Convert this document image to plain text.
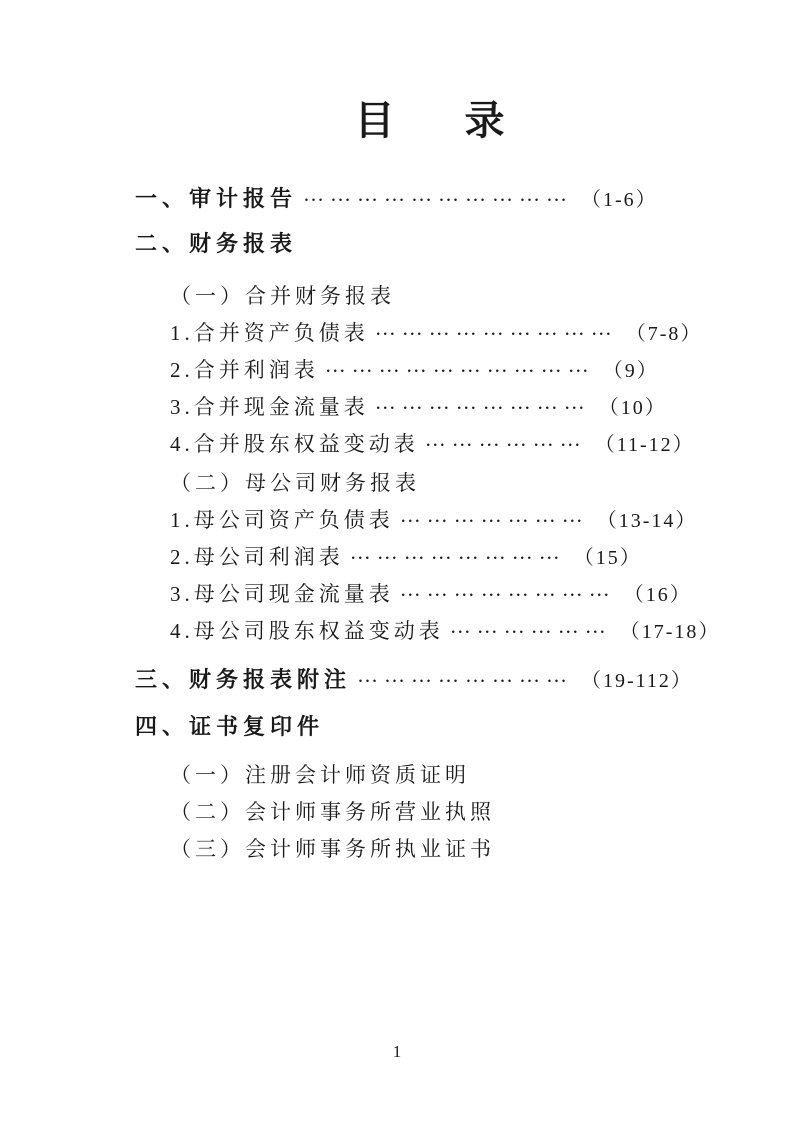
目 录
一、审计报告 ………………………… （1-6）
二、财务报表
（一）合并财务报表
1.合并资产负债表 ……………………… （7-8）
2.合并利润表 ………………………… （9）
3.合并现金流量表 …………………… （10）
4.合并股东权益变动表 ……………… （11-12）
（二）母公司财务报表
1.母公司资产负债表 ………………… （13-14）
2.母公司利润表 …………………… （15）
3.母公司现金流量表 …………………… （16）
4.母公司股东权益变动表 ……………… （17-18）
三、财务报表附注 …………………… （19-112）
四、证书复印件
（一）注册会计师资质证明
（二）会计师事务所营业执照
（三）会计师事务所执业证书
1
